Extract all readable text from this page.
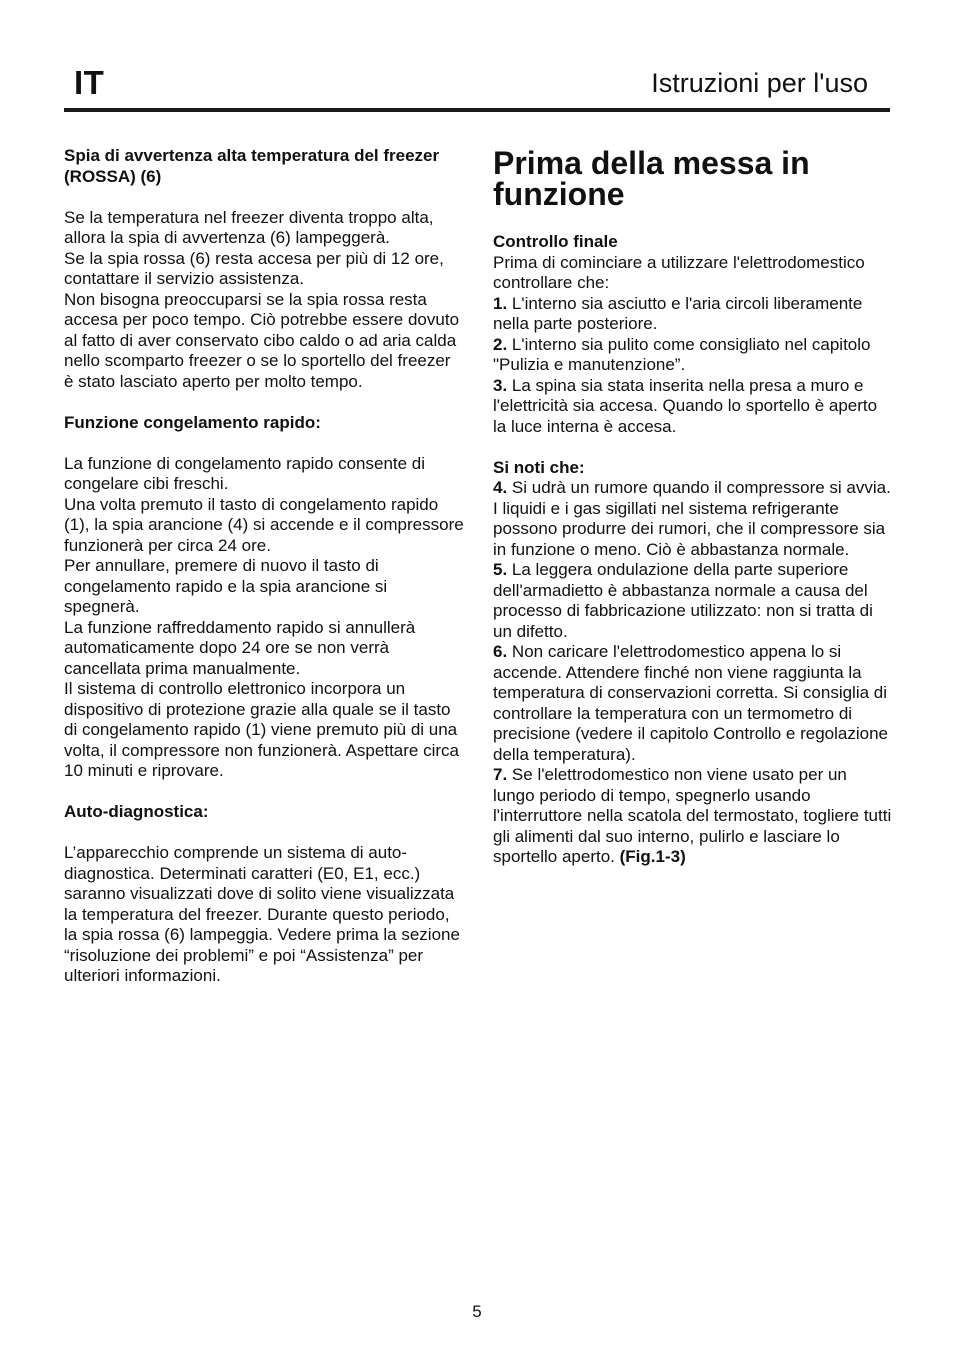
IT	Istruzioni per l'uso

Spia di avvertenza alta temperatura del freezer (ROSSA) (6)

Se la temperatura nel freezer diventa troppo alta, allora la spia di avvertenza (6) lampeggerà.

Se la spia rossa (6) resta accesa per più di 12 ore, contattare il servizio assistenza.

Non bisogna preoccuparsi se la spia rossa resta accesa per poco tempo. Ciò potrebbe essere dovuto al fatto di aver conservato cibo caldo o ad aria calda nello scomparto freezer o se lo sportello del freezer è stato lasciato aperto per molto tempo.

Funzione congelamento rapido:

La funzione di congelamento rapido consente di congelare cibi freschi.

Una volta premuto il tasto di congelamento rapido (1), la spia arancione (4) si accende e il compressore funzionerà per circa 24 ore.

Per annullare, premere di nuovo il tasto di congelamento rapido e la spia arancione si spegnerà.

La funzione raffreddamento rapido si annullerà automaticamente dopo 24 ore se non verrà cancellata prima manualmente.

Il sistema di controllo elettronico incorpora un dispositivo di protezione grazie alla quale se il tasto di congelamento rapido (1) viene premuto più di una volta, il compressore non funzionerà. Aspettare circa 10 minuti e riprovare.

Auto-diagnostica:

L’apparecchio comprende un sistema di auto-diagnostica. Determinati caratteri (E0, E1, ecc.) saranno visualizzati dove di solito viene visualizzata la temperatura del freezer. Durante questo periodo, la spia rossa (6) lampeggia. Vedere prima la sezione “risoluzione dei problemi” e poi “Assistenza” per ulteriori informazioni.

Prima della messa in funzione

Controllo finale

Prima di cominciare a utilizzare l'elettrodomestico controllare che:

1. L'interno sia asciutto e l'aria circoli liberamente nella parte posteriore.

2. L'interno sia pulito come consigliato nel capitolo "Pulizia e manutenzione”.

3. La spina sia stata inserita nella presa a muro e l'elettricità sia accesa. Quando lo sportello è aperto la luce interna è accesa.

Si noti che:

4. Si udrà un rumore quando il compressore si avvia. I liquidi e i gas sigillati nel sistema refrigerante possono produrre dei rumori, che il compressore sia in funzione o meno. Ciò è abbastanza normale.

5. La leggera ondulazione della parte superiore dell'armadietto è abbastanza normale a causa del processo di fabbricazione utilizzato: non si tratta di un difetto.

6. Non caricare l'elettrodomestico appena lo si accende. Attendere finché non viene raggiunta la temperatura di conservazioni corretta. Si consiglia di controllare la temperatura con un termometro di precisione (vedere il capitolo Controllo e regolazione della temperatura).

7. Se l'elettrodomestico non viene usato per un lungo periodo di tempo, spegnerlo usando l'interruttore nella scatola del termostato, togliere tutti gli alimenti dal suo interno, pulirlo e lasciare lo sportello aperto. (Fig.1-3)

5
